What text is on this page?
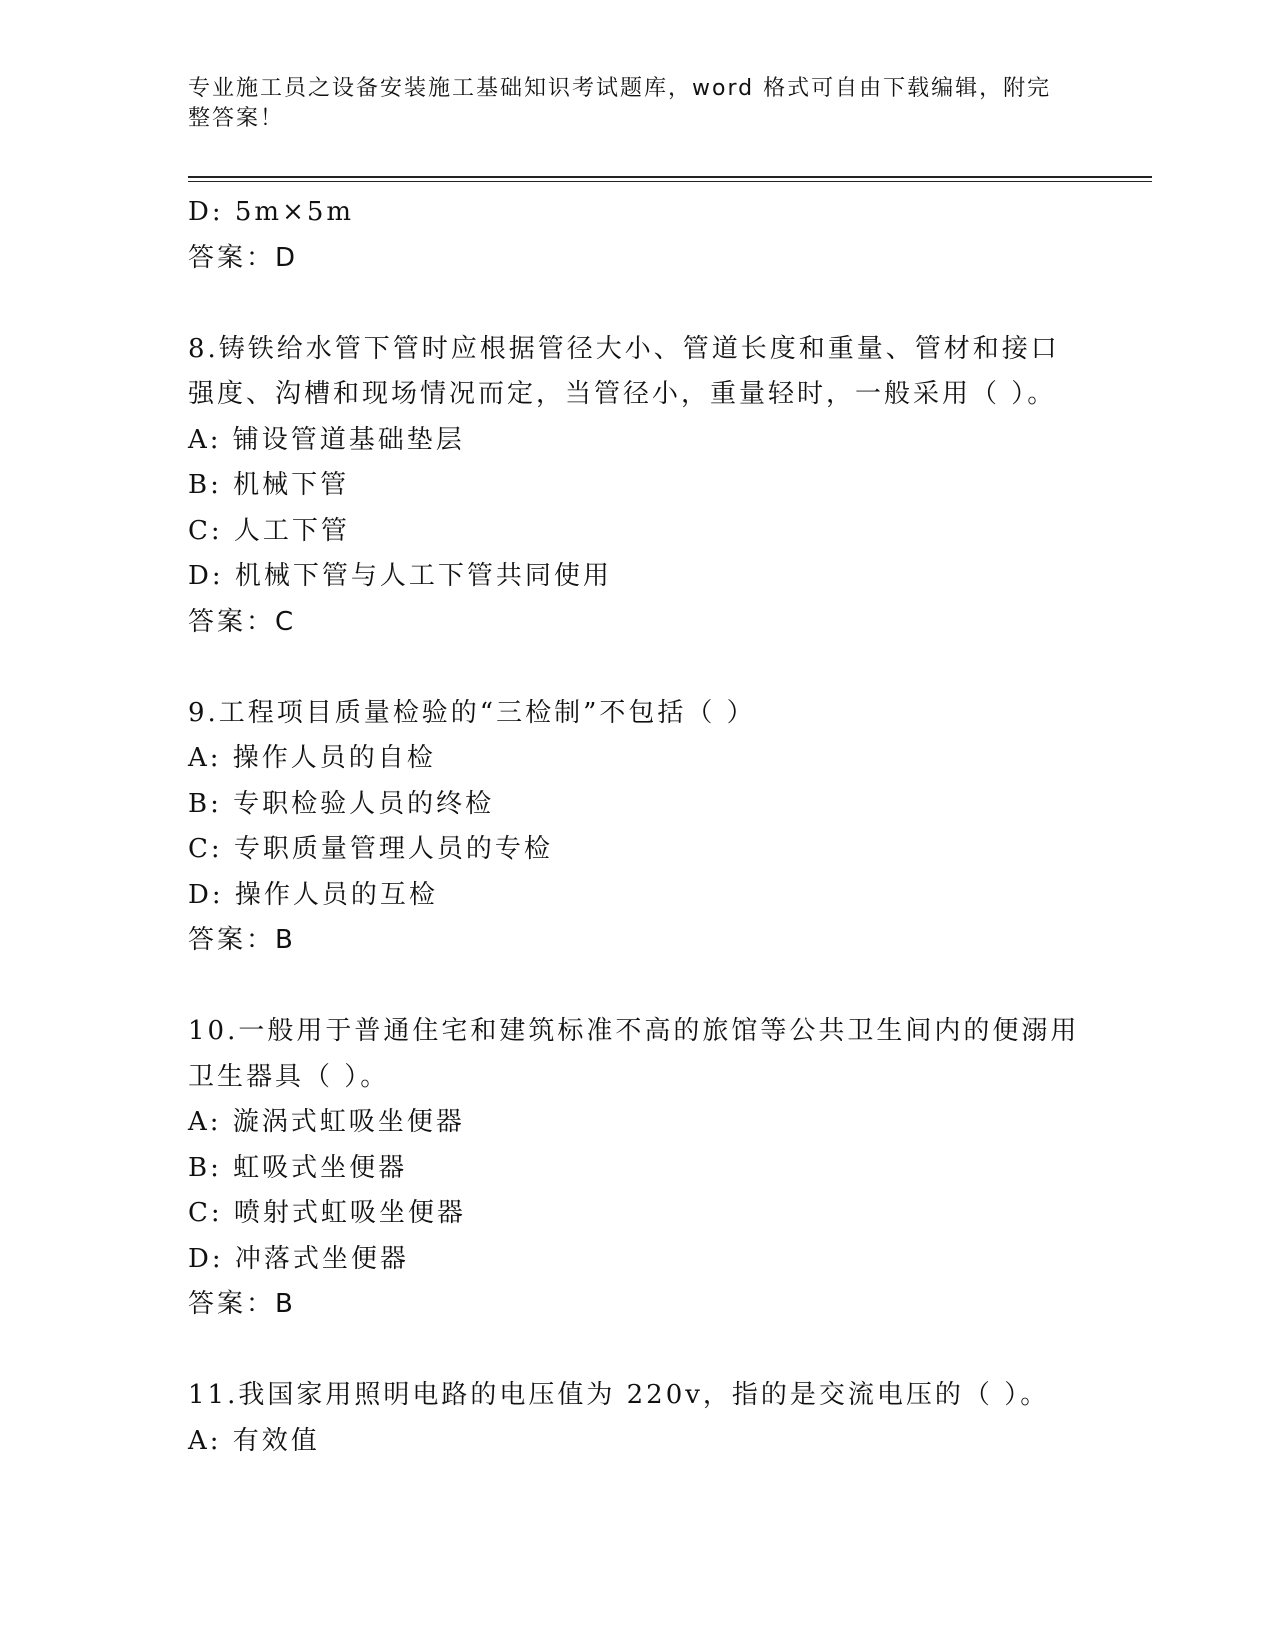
专业施工员之设备安装施工基础知识考试题库，word 格式可自由下载编辑，附完
整答案！
D: 5m×5m
答案：D
8.铸铁给水管下管时应根据管径大小、管道长度和重量、管材和接口
强度、沟槽和现场情况而定，当管径小，重量轻时，一般采用（ ）。
A: 铺设管道基础垫层
B: 机械下管
C: 人工下管
D: 机械下管与人工下管共同使用
答案：C
9.工程项目质量检验的“三检制”不包括（ ）
A: 操作人员的自检
B: 专职检验人员的终检
C: 专职质量管理人员的专检
D: 操作人员的互检
答案：B
10.一般用于普通住宅和建筑标准不高的旅馆等公共卫生间内的便溺用
卫生器具（ ）。
A: 漩涡式虹吸坐便器
B: 虹吸式坐便器
C: 喷射式虹吸坐便器
D: 冲落式坐便器
答案：B
11.我国家用照明电路的电压值为 220v，指的是交流电压的（ ）。
A: 有效值
